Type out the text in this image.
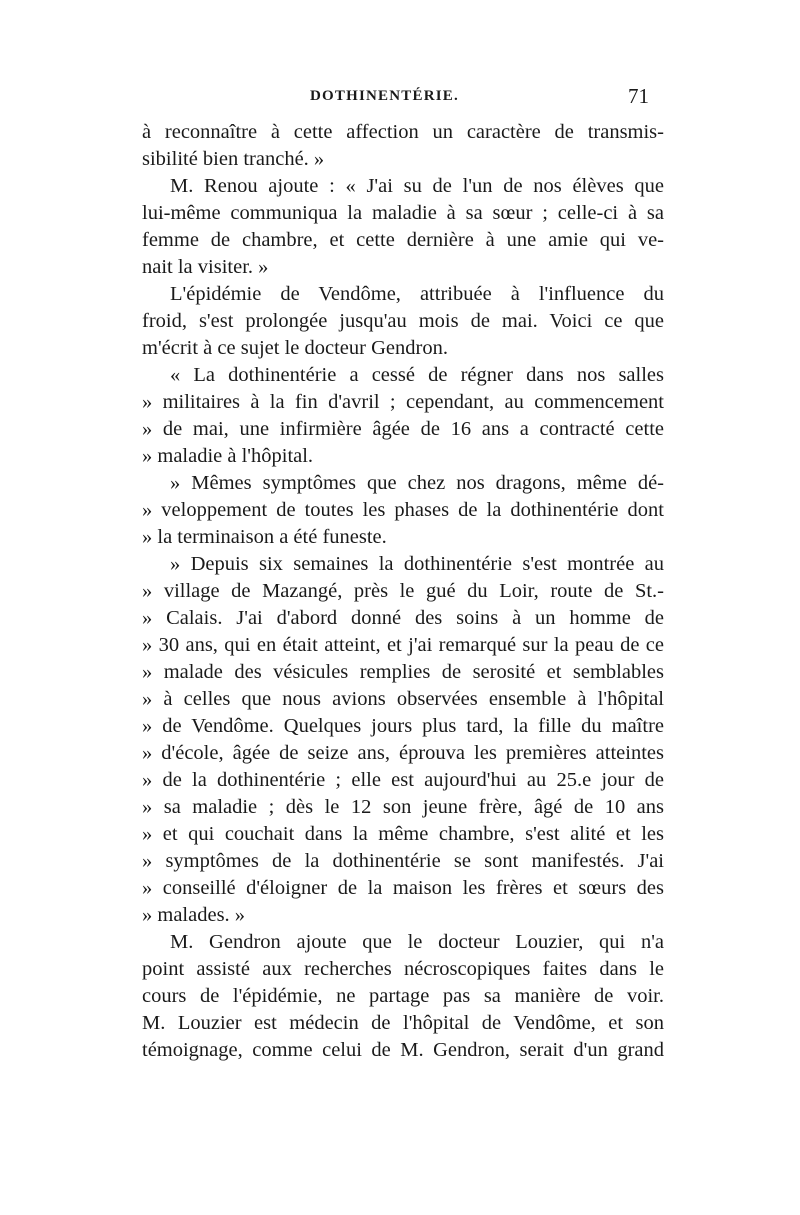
DOTHINENTÉRIE.	71
à reconnaître à cette affection un caractère de transmis-
sibilité bien tranché. »
M. Renou ajoute : « J'ai su de l'un de nos élèves que
lui-même communiqua la maladie à sa sœur ; celle-ci à sa
femme de chambre, et cette dernière à une amie qui ve-
nait la visiter. »
L'épidémie de Vendôme, attribuée à l'influence du
froid, s'est prolongée jusqu'au mois de mai. Voici ce que
m'écrit à ce sujet le docteur Gendron.
« La dothinentérie a cessé de régner dans nos salles
» militaires à la fin d'avril ; cependant, au commencement
» de mai, une infirmière âgée de 16 ans a contracté cette
» maladie à l'hôpital.
» Mêmes symptômes que chez nos dragons, même dé-
» veloppement de toutes les phases de la dothinentérie dont
» la terminaison a été funeste.
» Depuis six semaines la dothinentérie s'est montrée au
» village de Mazangé, près le gué du Loir, route de St.-
» Calais. J'ai d'abord donné des soins à un homme de
» 30 ans, qui en était atteint, et j'ai remarqué sur la peau de ce
» malade des vésicules remplies de serosité et semblables
» à celles que nous avions observées ensemble à l'hôpital
» de Vendôme. Quelques jours plus tard, la fille du maître
» d'école, âgée de seize ans, éprouva les premières atteintes
» de la dothinentérie ; elle est aujourd'hui au 25.e jour de
» sa maladie ; dès le 12 son jeune frère, âgé de 10 ans
» et qui couchait dans la même chambre, s'est alité et les
» symptômes de la dothinentérie se sont manifestés. J'ai
» conseillé d'éloigner de la maison les frères et sœurs des
» malades. »
M. Gendron ajoute que le docteur Louzier, qui n'a
point assisté aux recherches nécroscopiques faites dans le
cours de l'épidémie, ne partage pas sa manière de voir.
M. Louzier est médecin de l'hôpital de Vendôme, et son
témoignage, comme celui de M. Gendron, serait d'un grand
